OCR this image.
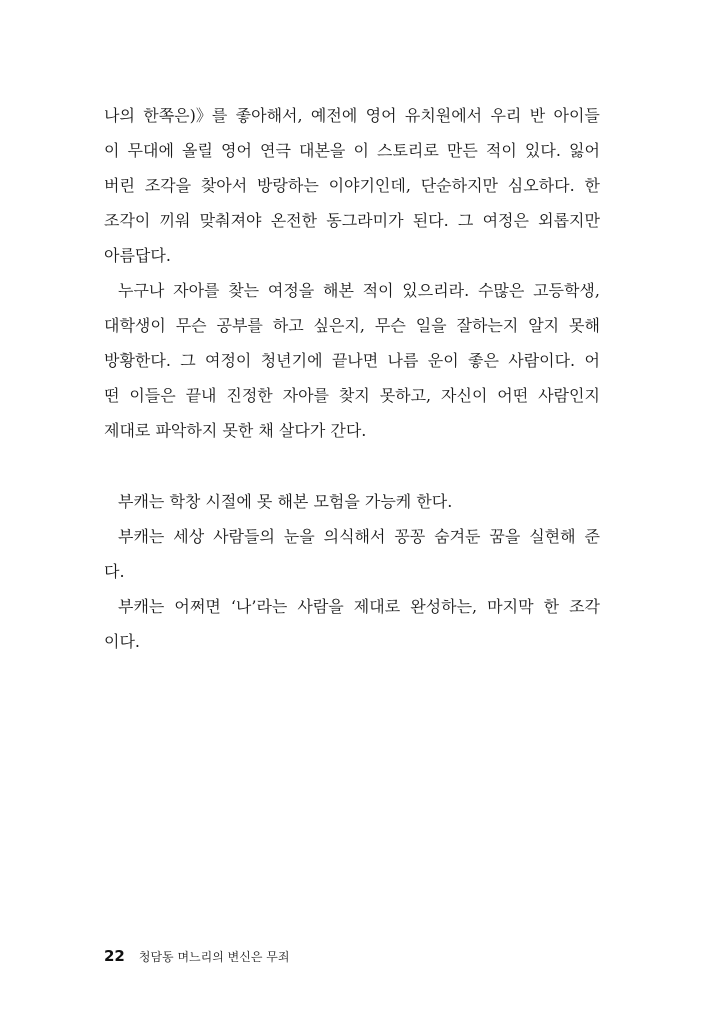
나의 한쪽은)》를 좋아해서, 예전에 영어 유치원에서 우리 반 아이들
이 무대에 올릴 영어 연극 대본을 이 스토리로 만든 적이 있다. 잃어
버린 조각을 찾아서 방랑하는 이야기인데, 단순하지만 심오하다. 한
조각이 끼워 맞춰져야 온전한 동그라미가 된다. 그 여정은 외롭지만
아름답다.
누구나 자아를 찾는 여정을 해본 적이 있으리라. 수많은 고등학생,
대학생이 무슨 공부를 하고 싶은지, 무슨 일을 잘하는지 알지 못해
방황한다. 그 여정이 청년기에 끝나면 나름 운이 좋은 사람이다. 어
떤 이들은 끝내 진정한 자아를 찾지 못하고, 자신이 어떤 사람인지
제대로 파악하지 못한 채 살다가 간다.
부캐는 학창 시절에 못 해본 모험을 가능케 한다.
부캐는 세상 사람들의 눈을 의식해서 꽁꽁 숨겨둔 꿈을 실현해 준
다.
부캐는 어쩌면 ‘나’라는 사람을 제대로 완성하는, 마지막 한 조각
이다.
22 청담동 며느리의 변신은 무죄
